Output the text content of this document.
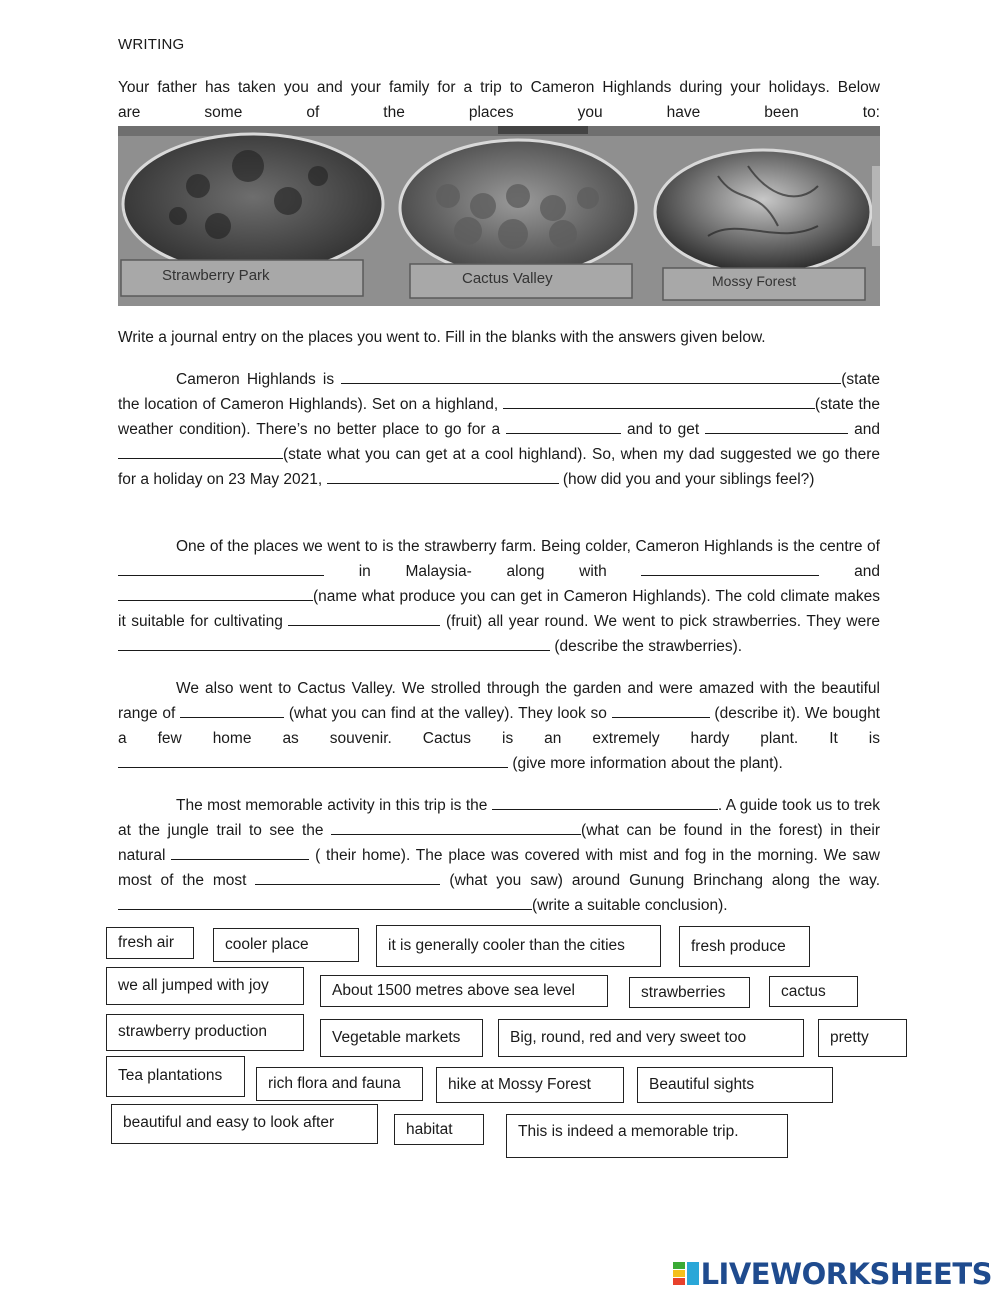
WRITING
Your father has taken you and your family for a trip to Cameron Highlands during your holidays. Below
are some of the places you have been to:
Strawberry Park	Cactus Valley	Mossy Forest
Write a journal entry on the places you went to. Fill in the blanks with the answers given below.
Cameron Highlands is	(state the location of Cameron Highlands). Set on a highland,	(state the weather condition). There’s no better place to go for a	and to get	and (state what you can get at a cool highland). So, when my dad suggested we go there for a holiday on 23 May 2021,	(how did you and your siblings feel?)
One of the places we went to is the strawberry farm. Being colder, Cameron Highlands is the centre of  in Malaysia- along with	and (name what produce you can get in Cameron Highlands). The cold climate makes it suitable for cultivating	(fruit) all year round. We went to pick strawberries. They were  (describe the strawberries).
We also went to Cactus Valley. We strolled through the garden and were amazed with the beautiful range of	(what you can find at the valley). They look so	(describe it). We bought a few home as souvenir. Cactus is an extremely hardy plant. It is  (give more information about the plant).
The most memorable activity in this trip is the	. A guide took us to trek at the jungle trail to see the	(what can be found in the forest) in their natural	( their home). The place was covered with mist and fog in the morning. We saw most of the most	(what you saw) around Gunung Brinchang along the way. (write a suitable conclusion).
fresh air	cooler place	it is generally cooler than the cities	fresh produce
we all jumped with joy	About 1500 metres above sea level	strawberries	cactus
strawberry production	Vegetable markets	Big, round, red and very sweet too	pretty
Tea plantations	rich flora and fauna	hike at Mossy Forest	Beautiful sights
beautiful and easy to look after	habitat	This is indeed a memorable trip.
LIVEWORKSHEETS
